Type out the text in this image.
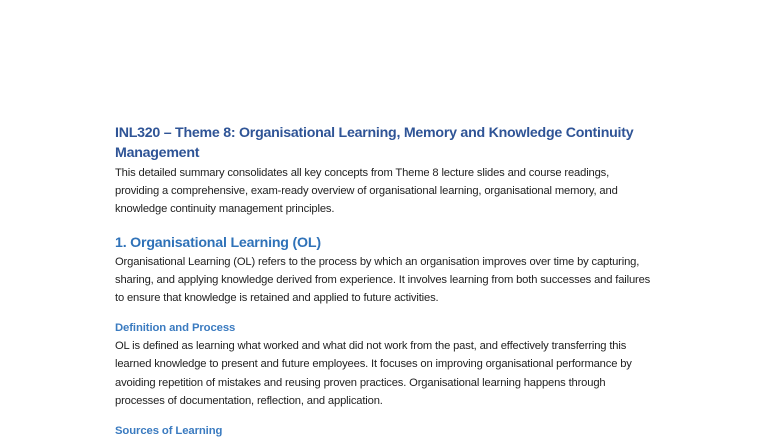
INL320 – Theme 8: Organisational Learning, Memory and Knowledge Continuity Management

This detailed summary consolidates all key concepts from Theme 8 lecture slides and course readings, providing a comprehensive, exam-ready overview of organisational learning, organisational memory, and knowledge continuity management principles.

1. Organisational Learning (OL)

Organisational Learning (OL) refers to the process by which an organisation improves over time by capturing, sharing, and applying knowledge derived from experience. It involves learning from both successes and failures to ensure that knowledge is retained and applied to future activities.

Definition and Process

OL is defined as learning what worked and what did not work from the past, and effectively transferring this learned knowledge to present and future employees. It focuses on improving organisational performance by avoiding repetition of mistakes and reusing proven practices. Organisational learning happens through processes of documentation, reflection, and application.

Sources of Learning
